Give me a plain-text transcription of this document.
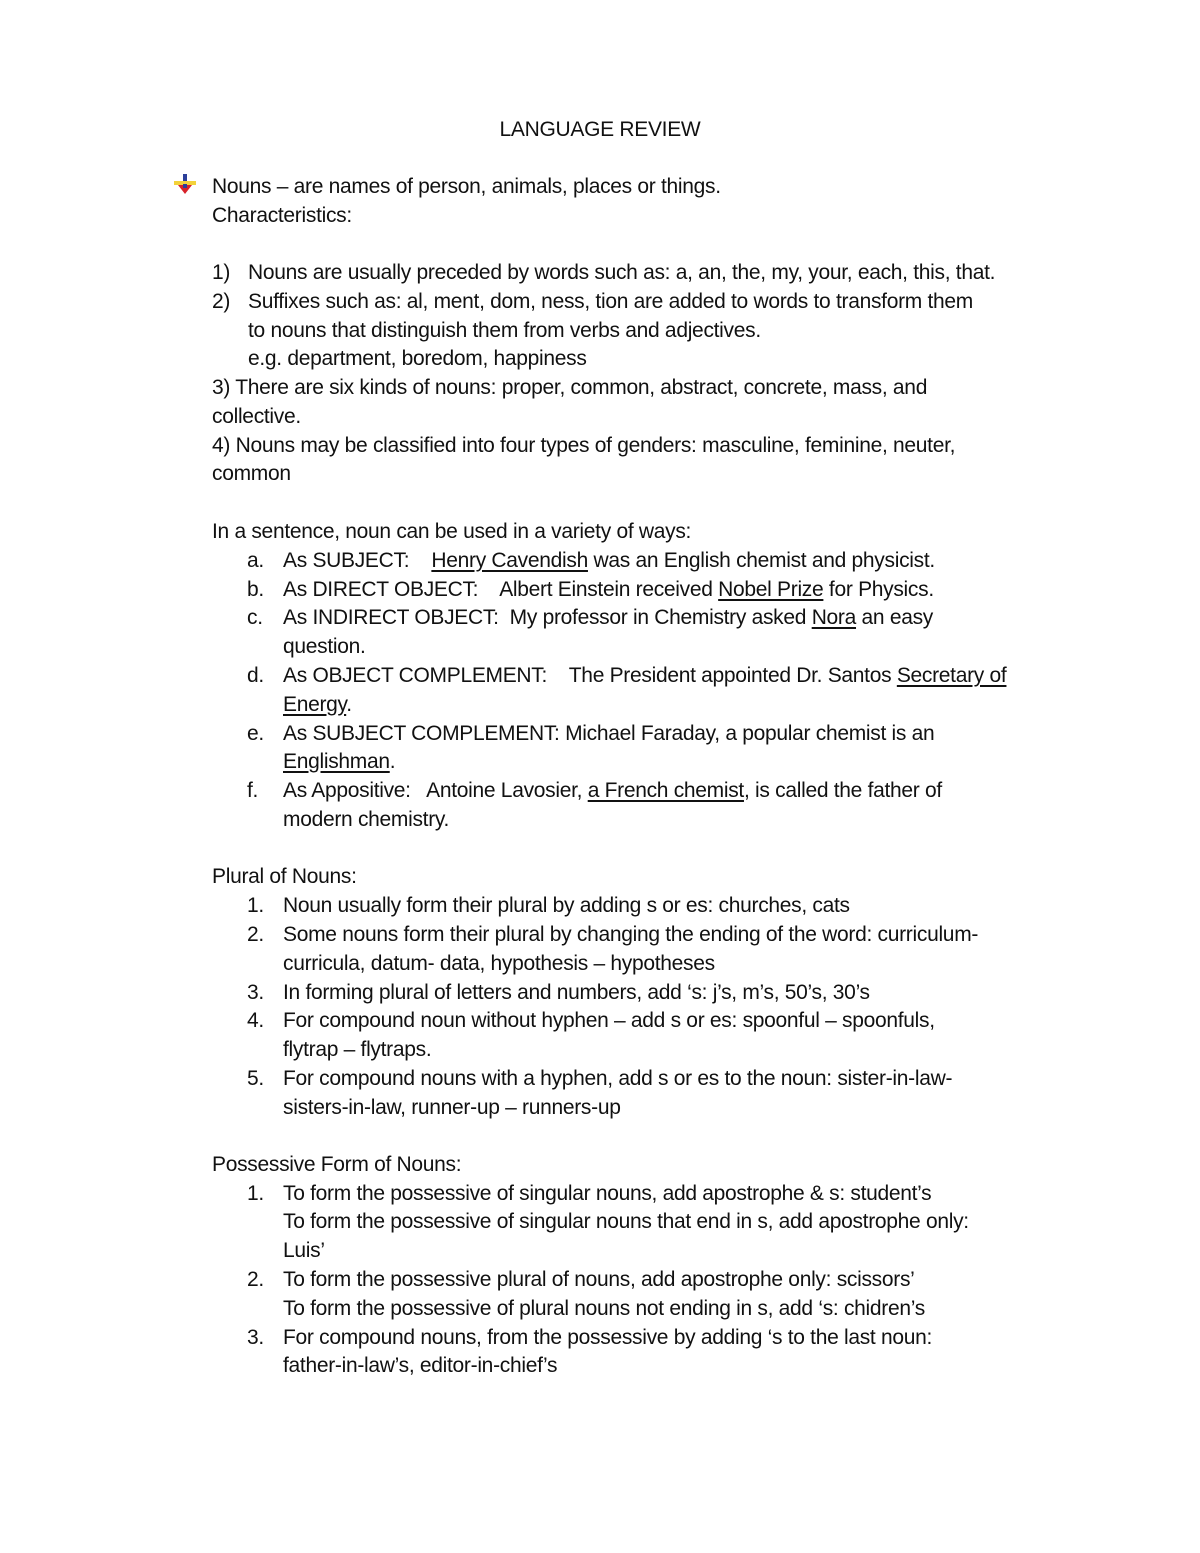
LANGUAGE REVIEW
Nouns – are names of person, animals, places or things.
Characteristics:
1) Nouns are usually preceded by words such as: a, an, the, my, your, each, this, that.
2) Suffixes such as: al, ment, dom, ness, tion are added to words to transform them
to nouns that distinguish them from verbs and adjectives.
e.g. department, boredom, happiness
3) There are six kinds of nouns: proper, common, abstract, concrete, mass, and
collective.
4) Nouns may be classified into four types of genders: masculine, feminine, neuter,
common
In a sentence, noun can be used in a variety of ways:
a. As SUBJECT:    Henry Cavendish was an English chemist and physicist.
b. As DIRECT OBJECT:    Albert Einstein received Nobel Prize for Physics.
c. As INDIRECT OBJECT:  My professor in Chemistry asked Nora an easy
question.
d. As OBJECT COMPLEMENT:    The President appointed Dr. Santos Secretary of
Energy.
e. As SUBJECT COMPLEMENT: Michael Faraday, a popular chemist is an
Englishman.
f. As Appositive:   Antoine Lavosier, a French chemist, is called the father of
modern chemistry.
Plural of Nouns:
1. Noun usually form their plural by adding s or es: churches, cats
2. Some nouns form their plural by changing the ending of the word: curriculum-
curricula, datum- data, hypothesis – hypotheses
3. In forming plural of letters and numbers, add ‘s: j’s, m’s, 50’s, 30’s
4. For compound noun without hyphen – add s or es: spoonful – spoonfuls,
flytrap – flytraps.
5. For compound nouns with a hyphen, add s or es to the noun: sister-in-law-
sisters-in-law, runner-up – runners-up
Possessive Form of Nouns:
1. To form the possessive of singular nouns, add apostrophe & s: student’s
To form the possessive of singular nouns that end in s, add apostrophe only:
Luis’
2. To form the possessive plural of nouns, add apostrophe only: scissors’
To form the possessive of plural nouns not ending in s, add ‘s: chidren’s
3. For compound nouns, from the possessive by adding ‘s to the last noun:
father-in-law’s, editor-in-chief’s
